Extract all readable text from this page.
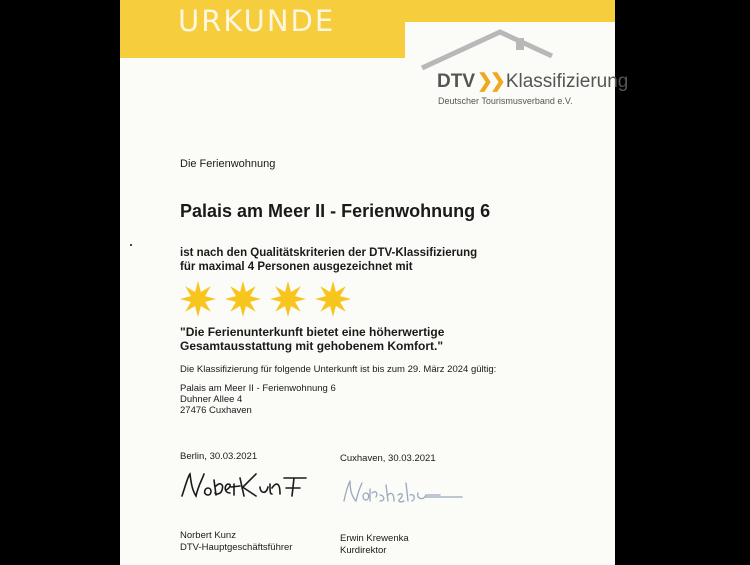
URKUNDE
DTV ❯❯ Klassifizierung
Deutscher Tourismusverband e.V.
Die Ferienwohnung
Palais am Meer II - Ferienwohnung 6
ist nach den Qualitätskriterien der DTV-Klassifizierung
für maximal 4 Personen ausgezeichnet mit
"Die Ferienunterkunft bietet eine höherwertige
Gesamtausstattung mit gehobenem Komfort."
Die Klassifizierung für folgende Unterkunft ist bis zum 29. März 2024 gültig:
Palais am Meer II - Ferienwohnung 6
Duhner Allee 4
27476 Cuxhaven
Berlin, 30.03.2021	Cuxhaven, 30.03.2021
Norbert Kunz
DTV-Hauptgeschäftsführer
Erwin Krewenka
Kurdirektor
